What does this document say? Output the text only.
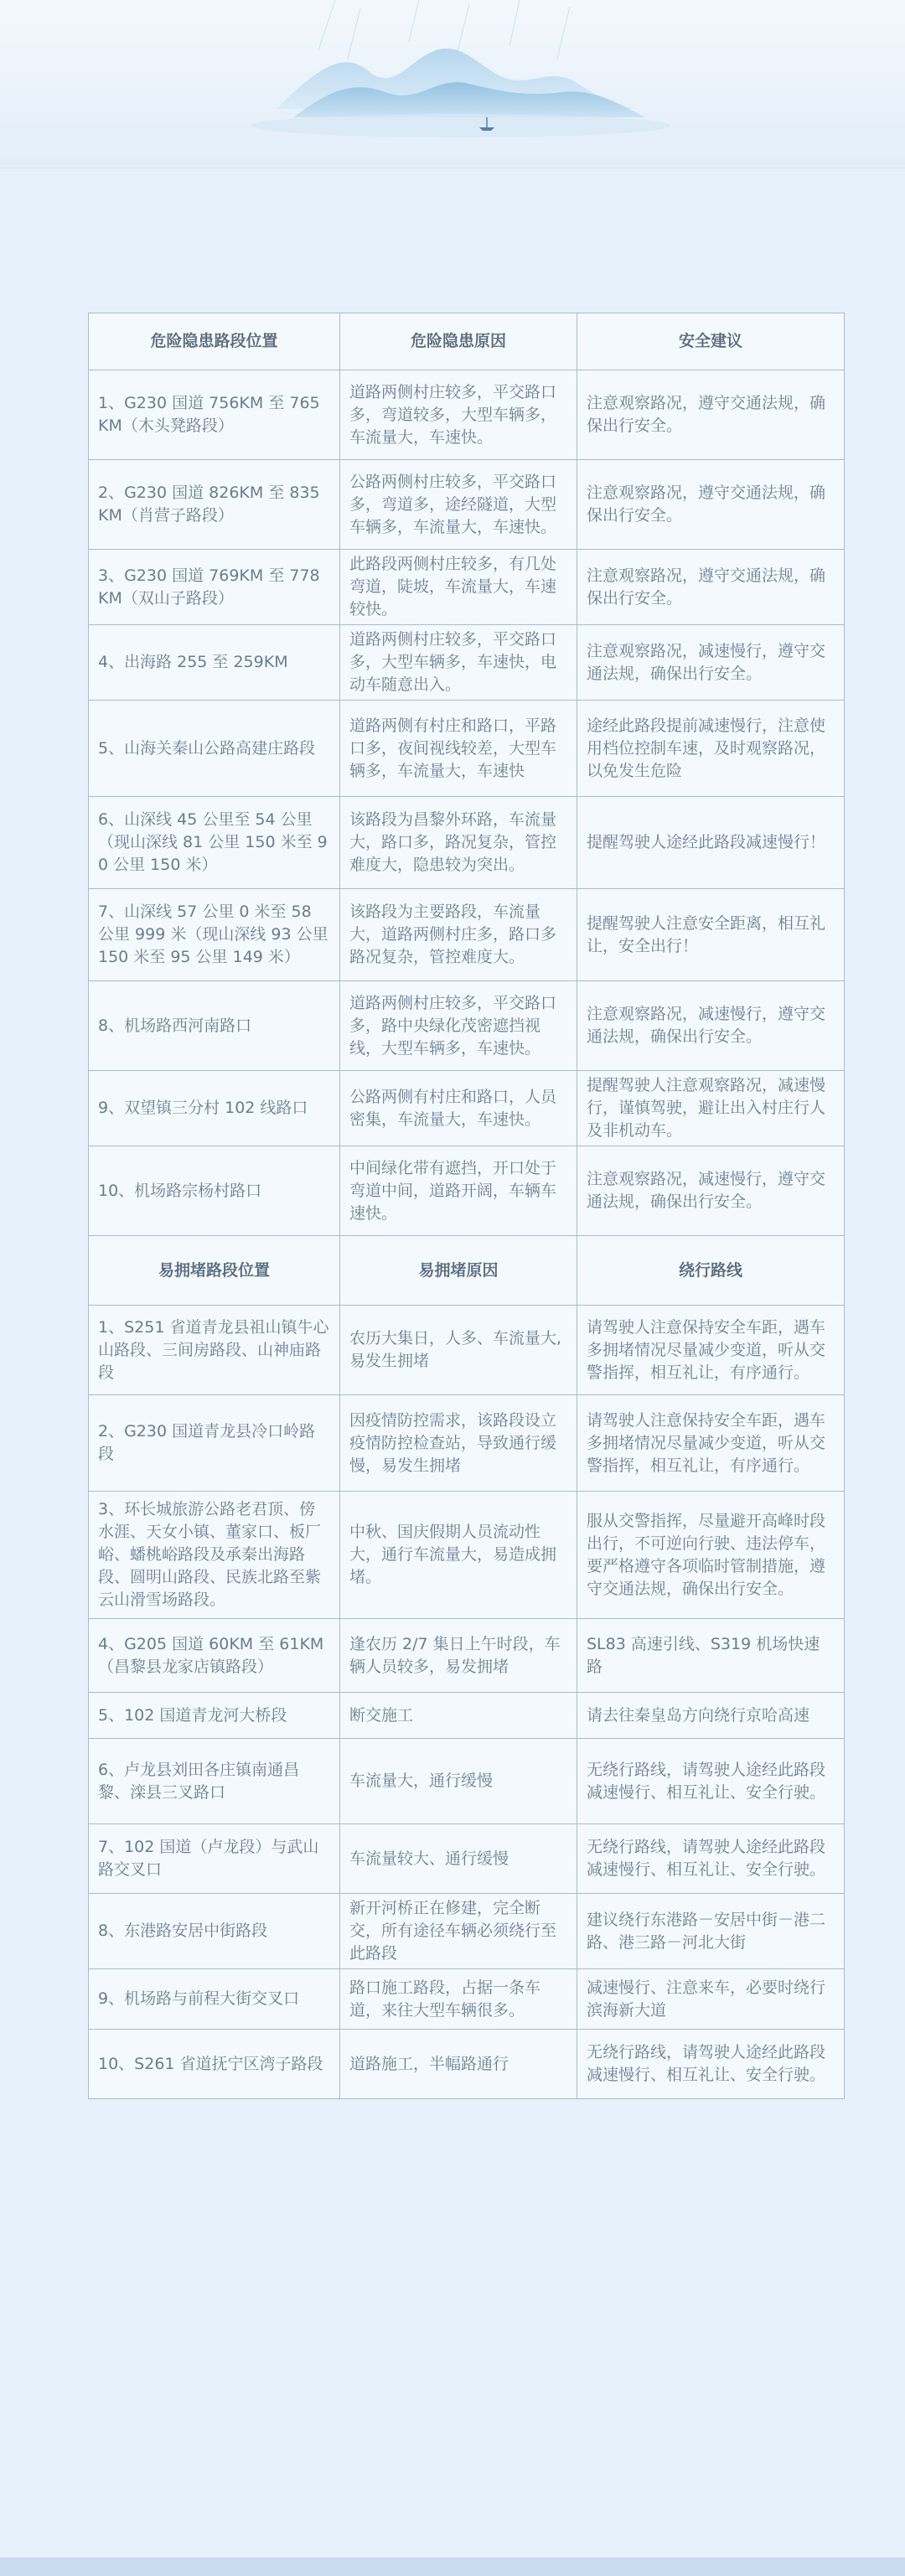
危险隐患路段位置	危险隐患原因	安全建议
1、G230 国道 756KM 至 765KM（木头凳路段）	道路两侧村庄较多，平交路口多，弯道较多，大型车辆多，车流量大，车速快。	注意观察路况，遵守交通法规，确保出行安全。
2、G230 国道 826KM 至 835KM（肖营子路段）	公路两侧村庄较多，平交路口多，弯道多，途经隧道，大型车辆多，车流量大，车速快。	注意观察路况，遵守交通法规，确保出行安全。
3、G230 国道 769KM 至 778KM（双山子路段）	此路段两侧村庄较多，有几处弯道，陡坡，车流量大，车速较快。	注意观察路况，遵守交通法规，确保出行安全。
4、出海路 255 至 259KM	道路两侧村庄较多，平交路口多，大型车辆多，车速快，电动车随意出入。	注意观察路况，减速慢行，遵守交通法规，确保出行安全。
5、山海关秦山公路高建庄路段	道路两侧有村庄和路口，平路口多，夜间视线较差，大型车辆多，车流量大，车速快	途经此路段提前减速慢行，注意使用档位控制车速，及时观察路况，以免发生危险
6、山深线 45 公里至 54 公里（现山深线 81 公里 150 米至 90 公里 150 米）	该路段为昌黎外环路，车流量大，路口多，路况复杂，管控难度大，隐患较为突出。	提醒驾驶人途经此路段减速慢行！
7、山深线 57 公里 0 米至 58 公里 999 米（现山深线 93 公里 150 米至 95 公里 149 米）	该路段为主要路段，车流量大，道路两侧村庄多，路口多路况复杂，管控难度大。	提醒驾驶人注意安全距离，相互礼让，安全出行！
8、机场路西河南路口	道路两侧村庄较多，平交路口多，路中央绿化茂密遮挡视线，大型车辆多，车速快。	注意观察路况，减速慢行，遵守交通法规，确保出行安全。
9、双望镇三分村 102 线路口	公路两侧有村庄和路口，人员密集，车流量大，车速快。	提醒驾驶人注意观察路况，减速慢行，谨慎驾驶，避让出入村庄行人及非机动车。
10、机场路宗杨村路口	中间绿化带有遮挡，开口处于弯道中间，道路开阔，车辆车速快。	注意观察路况，减速慢行，遵守交通法规，确保出行安全。
易拥堵路段位置	易拥堵原因	绕行路线
1、S251 省道青龙县祖山镇牛心山路段、三间房路段、山神庙路段	农历大集日，人多、车流量大,易发生拥堵	请驾驶人注意保持安全车距，遇车多拥堵情况尽量减少变道，听从交警指挥，相互礼让，有序通行。
2、G230 国道青龙县冷口岭路段	因疫情防控需求，该路段设立疫情防控检查站，导致通行缓慢，易发生拥堵	请驾驶人注意保持安全车距，遇车多拥堵情况尽量减少变道，听从交警指挥，相互礼让，有序通行。
3、环长城旅游公路老君顶、傍水涯、天女小镇、董家口、板厂峪、蟠桃峪路段及承秦出海路段、圆明山路段、民族北路至紫云山滑雪场路段。	中秋、国庆假期人员流动性大，通行车流量大，易造成拥堵。	服从交警指挥，尽量避开高峰时段出行，不可逆向行驶、违法停车，要严格遵守各项临时管制措施，遵守交通法规，确保出行安全。
4、G205 国道 60KM 至 61KM（昌黎县龙家店镇路段）	逢农历 2/7 集日上午时段，车辆人员较多，易发拥堵	SL83 高速引线、S319 机场快速路
5、102 国道青龙河大桥段	断交施工	请去往秦皇岛方向绕行京哈高速
6、卢龙县刘田各庄镇南通昌黎、滦县三叉路口	车流量大，通行缓慢	无绕行路线，请驾驶人途经此路段减速慢行、相互礼让、安全行驶。
7、102 国道（卢龙段）与武山路交叉口	车流量较大、通行缓慢	无绕行路线，请驾驶人途经此路段减速慢行、相互礼让、安全行驶。
8、东港路安居中街路段	新开河桥正在修建，完全断交，所有途径车辆必须绕行至此路段	建议绕行东港路－安居中街－港二路、港三路－河北大街
9、机场路与前程大街交叉口	路口施工路段，占据一条车道，来往大型车辆很多。	减速慢行、注意来车，必要时绕行滨海新大道
10、S261 省道抚宁区湾子路段	道路施工，半幅路通行	无绕行路线，请驾驶人途经此路段减速慢行、相互礼让、安全行驶。
